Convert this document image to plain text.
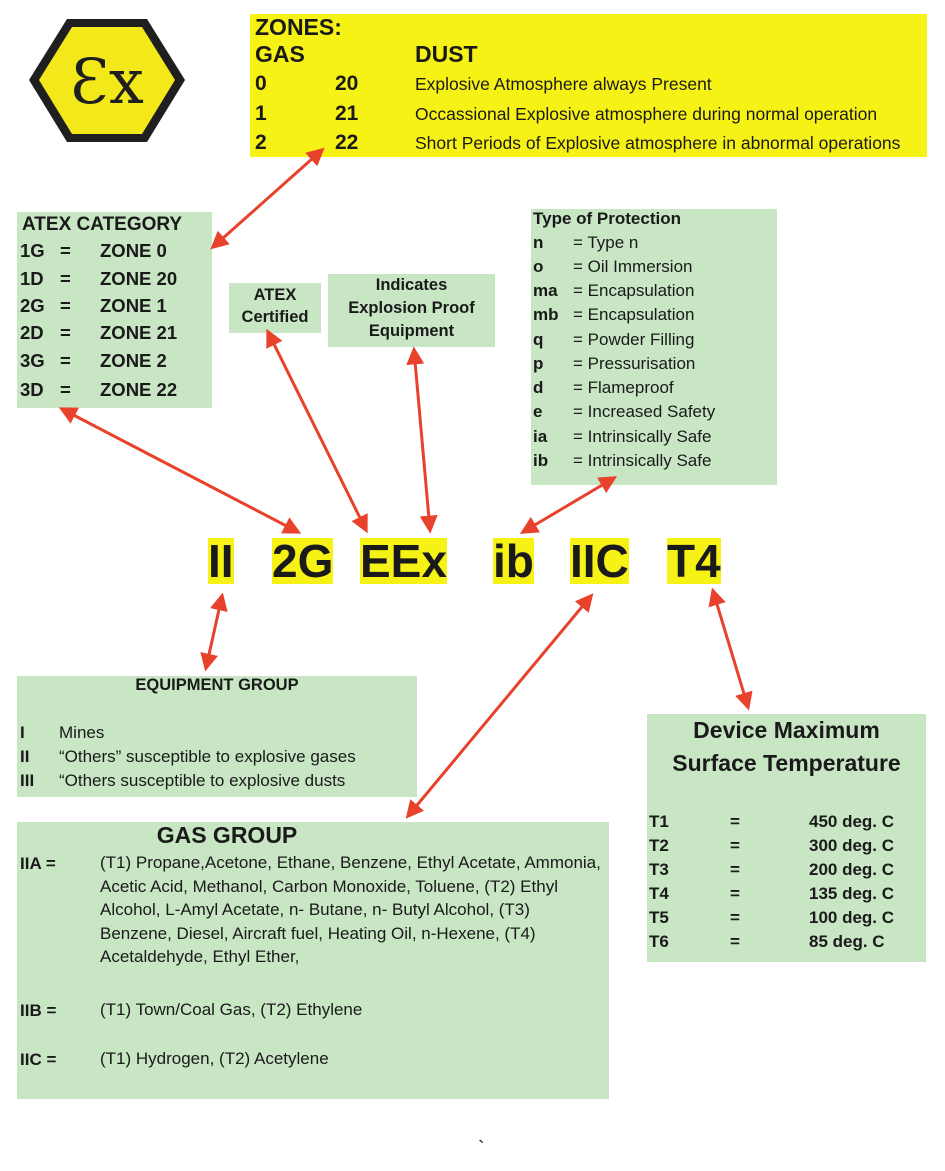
Ɛx
ZONES:
GAS	DUST
0	20	Explosive Atmosphere always Present
1	21	Occassional Explosive atmosphere during normal operation
2	22	Short Periods of Explosive atmosphere in abnormal operations
ATEX CATEGORY
1G = ZONE 0
1D = ZONE 20
2G = ZONE 1
2D = ZONE 21
3G = ZONE 2
3D = ZONE 22
ATEX
Certified
Indicates
Explosion Proof
Equipment
Type of Protection
n = Type n
o = Oil Immersion
ma = Encapsulation
mb = Encapsulation
q = Powder Filling
p = Pressurisation
d = Flameproof
e = Increased Safety
ia = Intrinsically Safe
ib = Intrinsically Safe
II 2G EEx ib IIC T4
EQUIPMENT GROUP
I Mines
II “Others” susceptible to explosive gases
III “Others susceptible to explosive dusts
GAS GROUP
IIA =	(T1) Propane,Acetone, Ethane, Benzene, Ethyl Acetate, Ammonia, Acetic Acid, Methanol, Carbon Monoxide, Toluene, (T2) Ethyl Alcohol, L-Amyl Acetate, n- Butane, n- Butyl Alcohol, (T3) Benzene, Diesel, Aircraft fuel, Heating Oil, n-Hexene, (T4) Acetaldehyde, Ethyl Ether,
IIB =	(T1) Town/Coal Gas, (T2) Ethylene
IIC =	(T1) Hydrogen, (T2) Acetylene
Device Maximum
Surface Temperature
T1	=	450 deg. C
T2	=	300 deg. C
T3	=	200 deg. C
T4	=	135 deg. C
T5	=	100 deg. C
T6	=	85 deg. C
`
